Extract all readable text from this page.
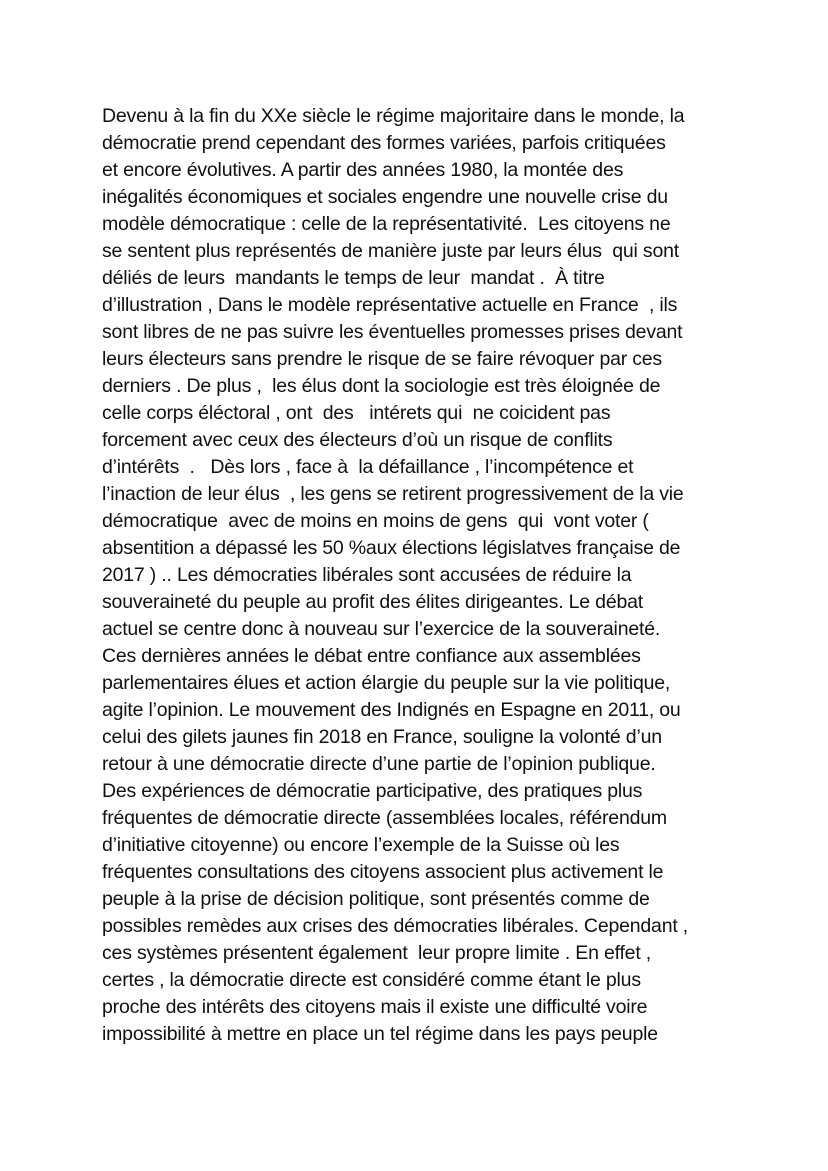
Devenu à la fin du XXe siècle le régime majoritaire dans le monde, la
démocratie prend cependant des formes variées, parfois critiquées
et encore évolutives. A partir des années 1980, la montée des
inégalités économiques et sociales engendre une nouvelle crise du
modèle démocratique : celle de la représentativité.  Les citoyens ne
se sentent plus représentés de manière juste par leurs élus  qui sont
déliés de leurs  mandants le temps de leur  mandat .  À titre
d’illustration , Dans le modèle représentative actuelle en France  , ils
sont libres de ne pas suivre les éventuelles promesses prises devant
leurs électeurs sans prendre le risque de se faire révoquer par ces
derniers . De plus ,  les élus dont la sociologie est très éloignée de
celle corps éléctoral , ont  des   intérets qui  ne coicident pas
forcement avec ceux des électeurs d’où un risque de conflits
d’intérêts  .   Dès lors , face à  la défaillance , l’incompétence et
l’inaction de leur élus  , les gens se retirent progressivement de la vie
démocratique  avec de moins en moins de gens  qui  vont voter (
absentition a dépassé les 50 %aux élections législatves française de
2017 ) .. Les démocraties libérales sont accusées de réduire la
souveraineté du peuple au profit des élites dirigeantes. Le débat
actuel se centre donc à nouveau sur l’exercice de la souveraineté.
Ces dernières années le débat entre confiance aux assemblées
parlementaires élues et action élargie du peuple sur la vie politique,
agite l’opinion. Le mouvement des Indignés en Espagne en 2011, ou
celui des gilets jaunes fin 2018 en France, souligne la volonté d’un
retour à une démocratie directe d’une partie de l’opinion publique.
Des expériences de démocratie participative, des pratiques plus
fréquentes de démocratie directe (assemblées locales, référendum
d’initiative citoyenne) ou encore l’exemple de la Suisse où les
fréquentes consultations des citoyens associent plus activement le
peuple à la prise de décision politique, sont présentés comme de
possibles remèdes aux crises des démocraties libérales. Cependant ,
ces systèmes présentent également  leur propre limite . En effet ,
certes , la démocratie directe est considéré comme étant le plus
proche des intérêts des citoyens mais il existe une difficulté voire
impossibilité à mettre en place un tel régime dans les pays peuple
